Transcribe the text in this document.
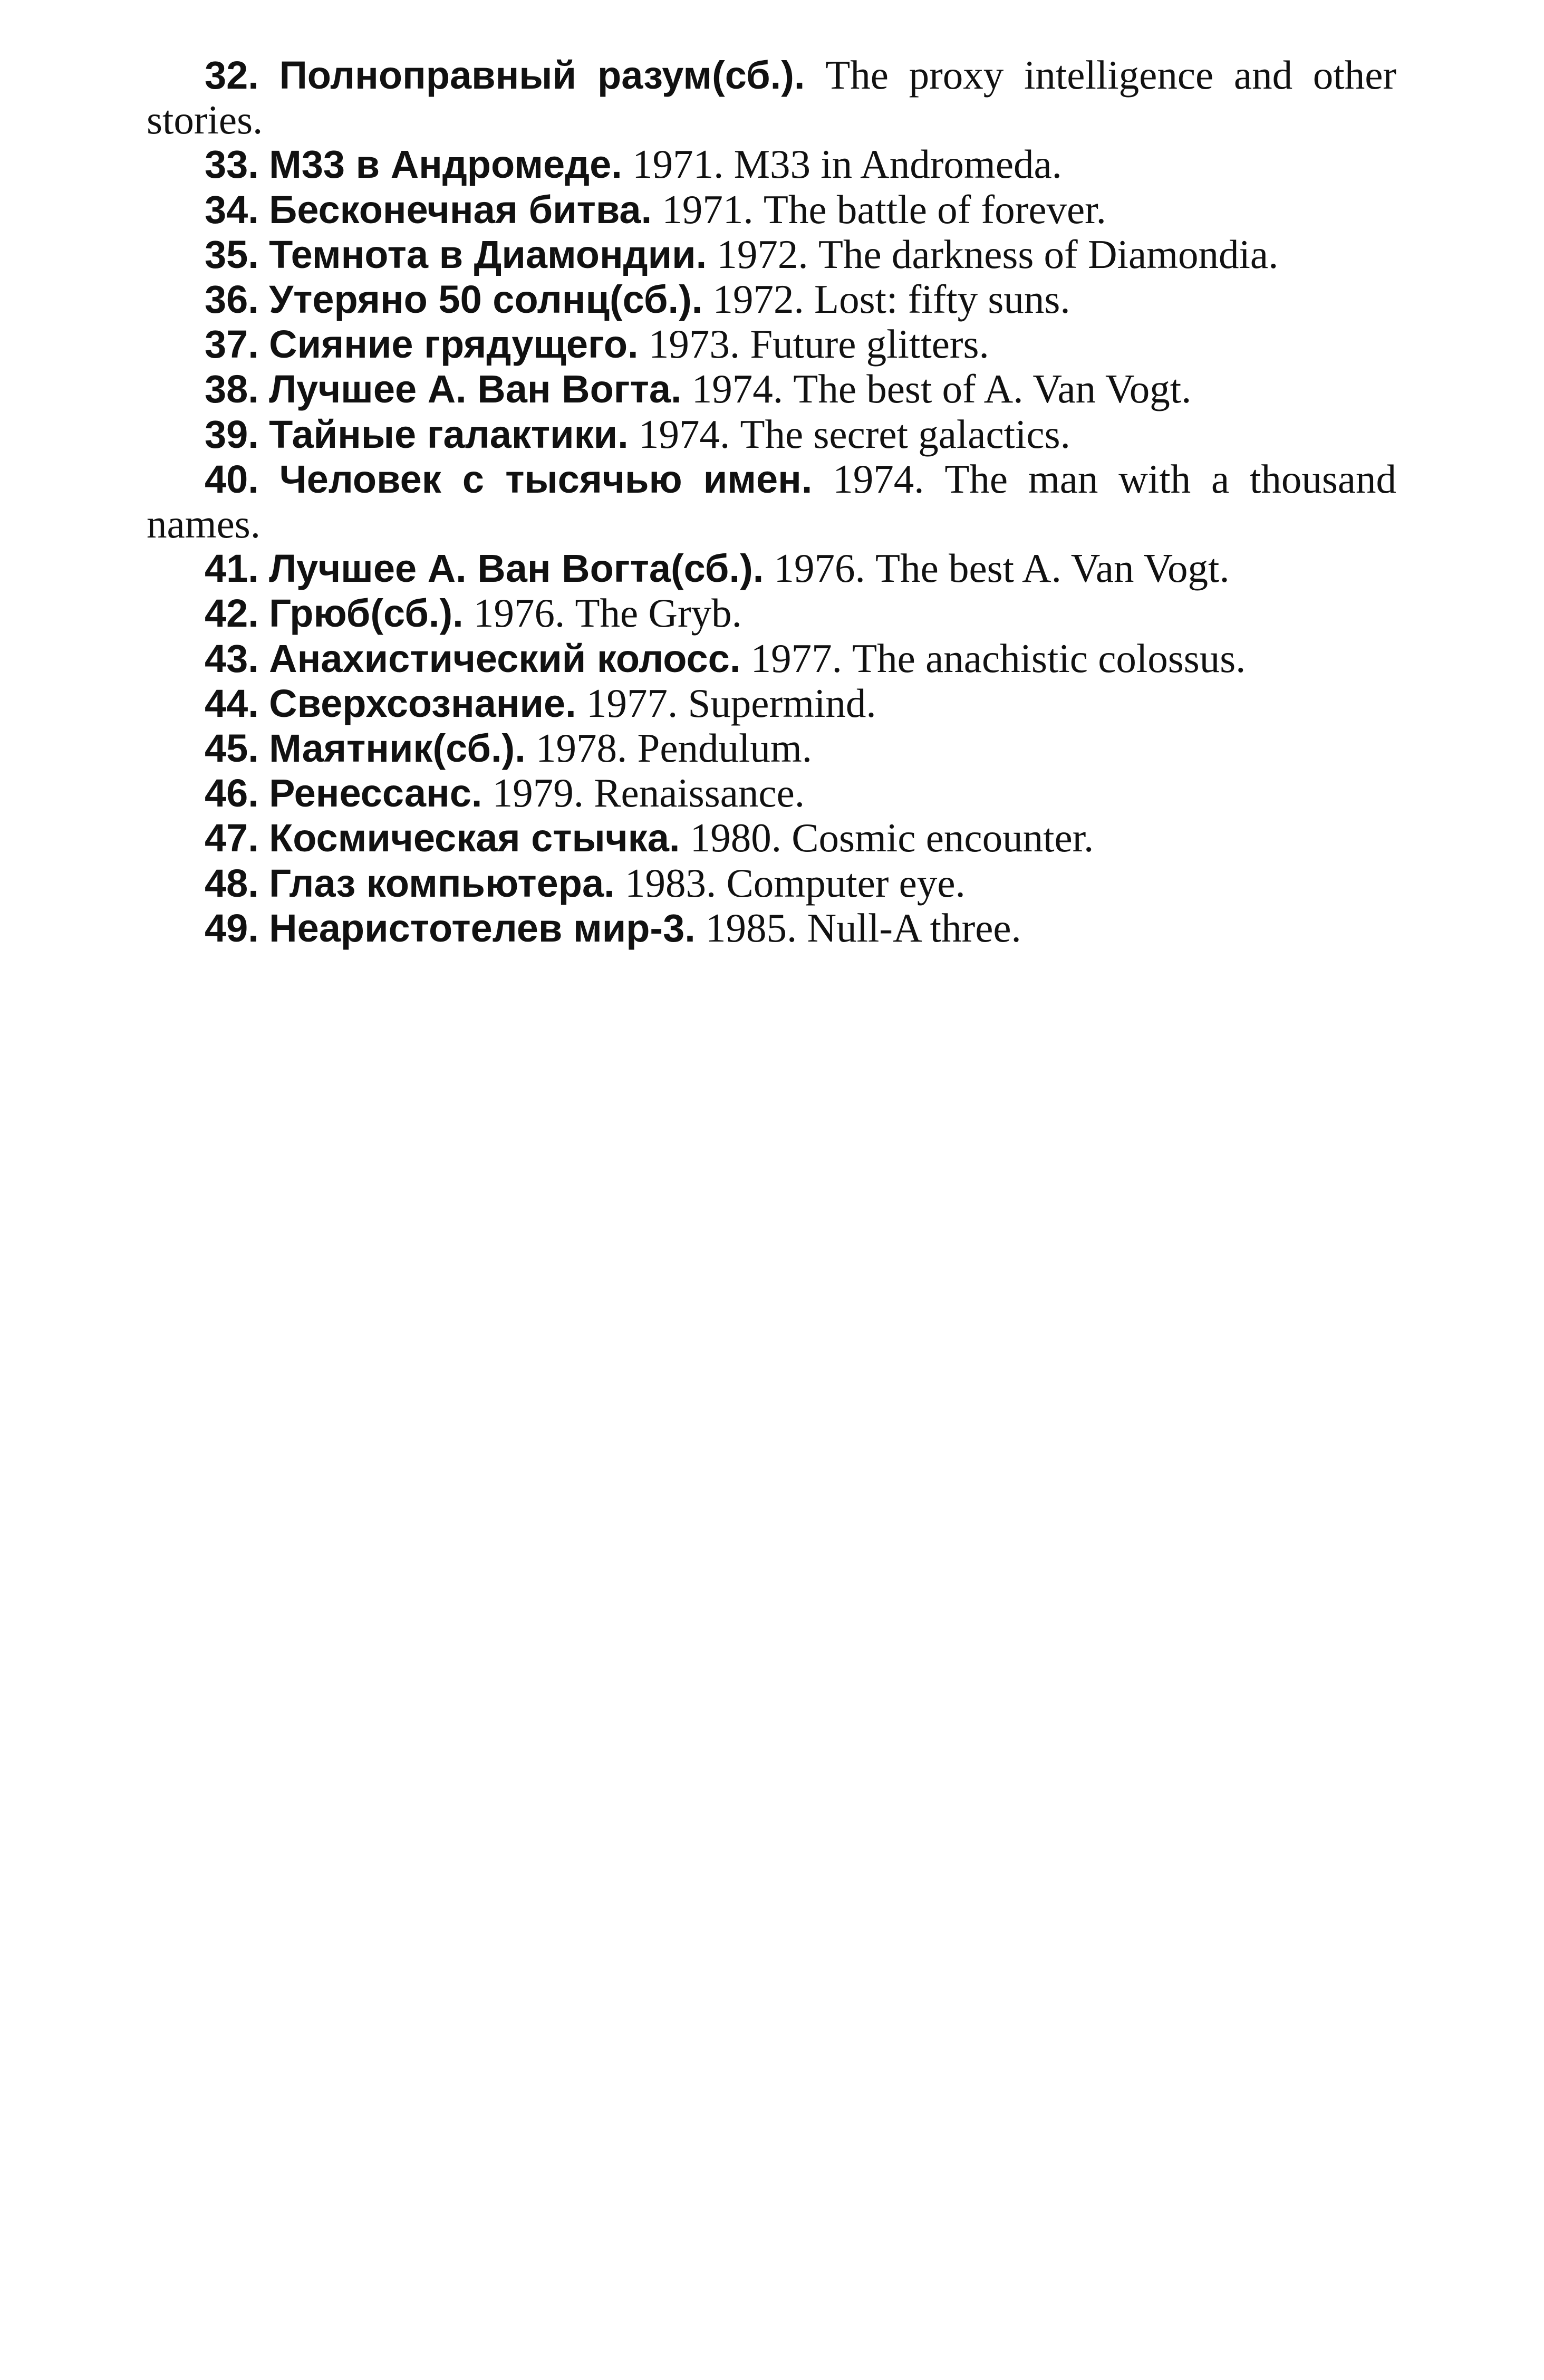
32. Полноправный разум(сб.). The proxy intelligence and other stories.

33. М33 в Андромеде. 1971. M33 in Andromeda.

34. Бесконечная битва. 1971. The battle of forever.

35. Темнота в Диамондии. 1972. The darkness of Diamondia.

36. Утеряно 50 солнц(сб.). 1972. Lost: fifty suns.

37. Сияние грядущего. 1973. Future glitters.

38. Лучшее А. Ван Вогта. 1974. The best of A. Van Vogt.

39. Тайные галактики. 1974. The secret galactics.

40. Человек с тысячью имен. 1974. The man with a thousand names.

41. Лучшее А. Ван Вогта(сб.). 1976. The best A. Van Vogt.

42. Грюб(сб.). 1976. The Gryb.

43. Анахистический колосс. 1977. The anachistic colossus.

44. Сверхсознание. 1977. Supermind.

45. Маятник(сб.). 1978. Pendulum.

46. Ренессанс. 1979. Renaissance.

47. Космическая стычка. 1980. Cosmic encounter.

48. Глаз компьютера. 1983. Computer eye.

49. Неаристотелев мир-3. 1985. Null-A three.
